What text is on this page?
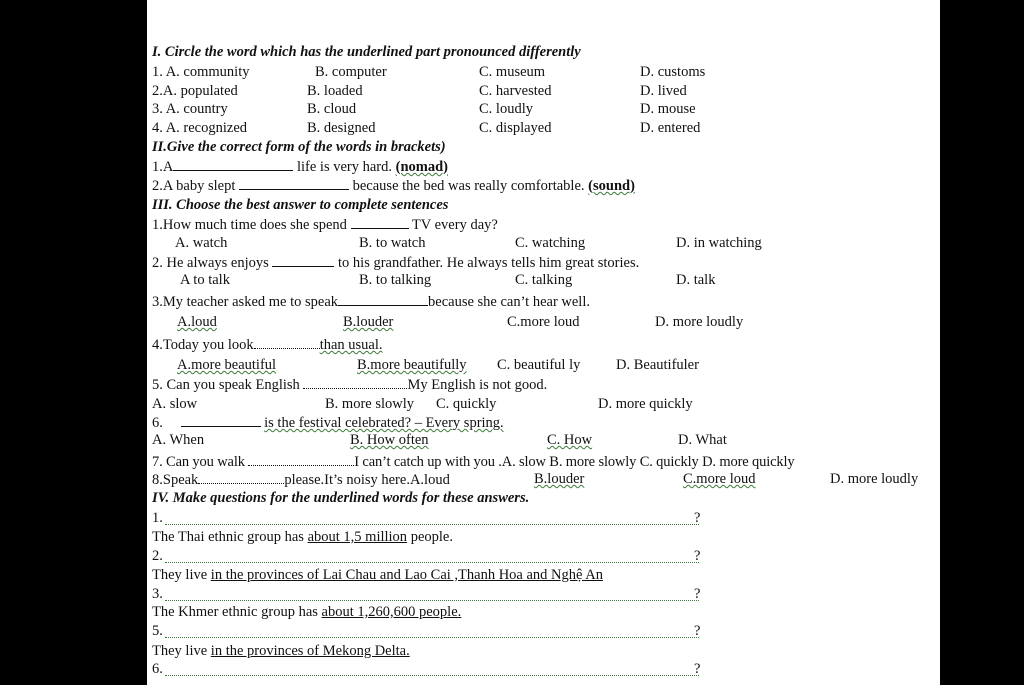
I. Circle the word which has the underlined part pronounced differently
1. A. community	B. computer	C. museum	D. customs
2.A. populated	B. loaded	C. harvested	D. lived
3. A. country	B. cloud	C. loudly	D. mouse
4. A. recognized	B. designed	C. displayed	D. entered
II.Give the correct form of the words in brackets)
1.A	life is very hard. (nomad)
2.A baby slept	because the bed was really comfortable. (sound)
III. Choose the best answer to complete sentences
1.How much time does she spend	TV every day?
A. watch	B. to watch	C. watching	D. in watching
2. He always enjoys	to his grandfather. He always tells him great stories.
A to talk	B. to talking	C. talking	D. talk
3.My teacher asked me to speak	because she can’t hear well.
A.loud	B.louder	C.more loud	D. more loudly
4.Today you look	than usual.
A.more beautiful	B.more beautifully C. beautiful ly D. Beautifuler
5. Can you speak English	My English is not good.
A. slow	B. more slowly C. quickly	D. more quickly
6.	is the festival celebrated? – Every spring.
A. When	B. How often	C. How	D. What
7. Can you walk	I can’t catch up with you .A. slow B. more slowly C. quickly D. more quickly
8.Speak	please.It’s noisy here.A.loud	B.louder	C.more loud	D. more loudly
IV. Make questions for the underlined words for these answers.
1.	?
The Thai ethnic group has about 1,5 million people.
2.	?
They live in the provinces of Lai Chau and Lao Cai ,Thanh Hoa and Nghệ An
3.	?
The Khmer ethnic group has about 1,260,600 people.
5.	?
They live in the provinces of Mekong Delta.
6.	?
